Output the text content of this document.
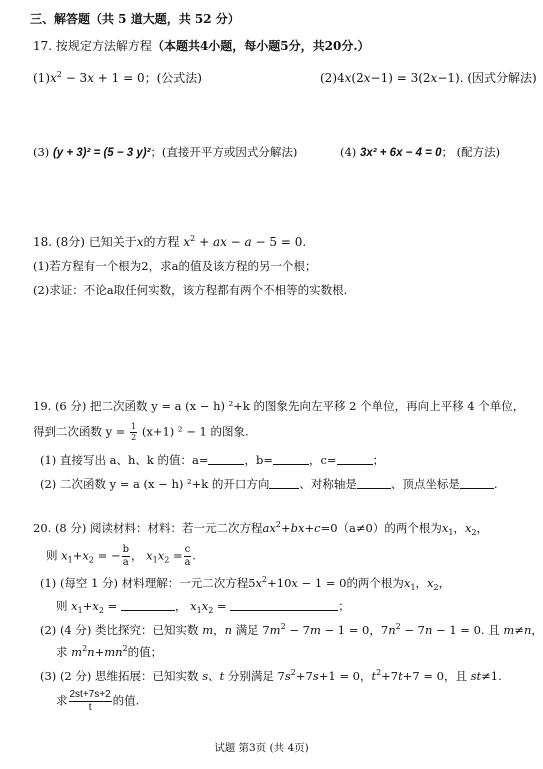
三、解答题（共 5 道大题，共 52 分）
17. 按规定方法解方程（本题共4小题，每小题5分，共20分.）
$(1)x^2 - 3x + 1 = 0$；(公式法)	(2)4x(2x−1) = 3(2x−1). (因式分解法)
(3) (y + 3)² = (5 − 3 y)²；(直接开平方或因式分解法)	(4) 3x² + 6x − 4 = 0； (配方法)
18. (8分) 已知关于x的方程 $x^2$ + ax − a − 5 = 0.
(1)若方程有一个根为2，求a的值及该方程的另一个根；
(2)求证：不论a取任何实数，该方程都有两个不相等的实数根.
19. (6 分) 把二次函数 y = a (x − h) ²+k 的图象先向左平移 2 个单位，再向上平移 4 个单位，
得到二次函数 $y = \frac{1}{2} (x+1) ^2 - 1$ 的图象.
(1) 直接写出 a、h、k 的值：a=	，b=	，c=	；
(2) 二次函数 y = a (x − h) ²+k 的开口方向	、对称轴是	、顶点坐标是	.
20. (8 分) 阅读材料：材料：若一元二次方程$ax^2+bx+c=0(a\ne 0)$的两个根为$x_1$，$x_2$，
则 $x_1+x_2$ = − $\frac{b}{a}$ ， $x_1x_2 = \frac{c}{a}$ .
(1) (每空 1 分) 材料理解：一元二次方程$5x^2+10x - 1 = 0$的两个根为$x_1$，$x_2$，
则 $x_1+x_2$ =	， $x_1x_2$ =	；
(2) (4 分) 类比探究：已知实数 m，n 满足 $7m^2 - 7m - 1 = 0$，$7n^2 - 7n - 1 = 0$. 且 m≠n，
求 $m^2n+mn^2$的值；
(3) (2 分) 思维拓展：已知实数 s、t 分别满足 $7s^2+7s+1 = 0$，$t^2+7t+7 = 0$，且 st≠1.
求 $\frac{2st+7s+2}{t}$ 的值.
试题 第3页 (共 4页)
